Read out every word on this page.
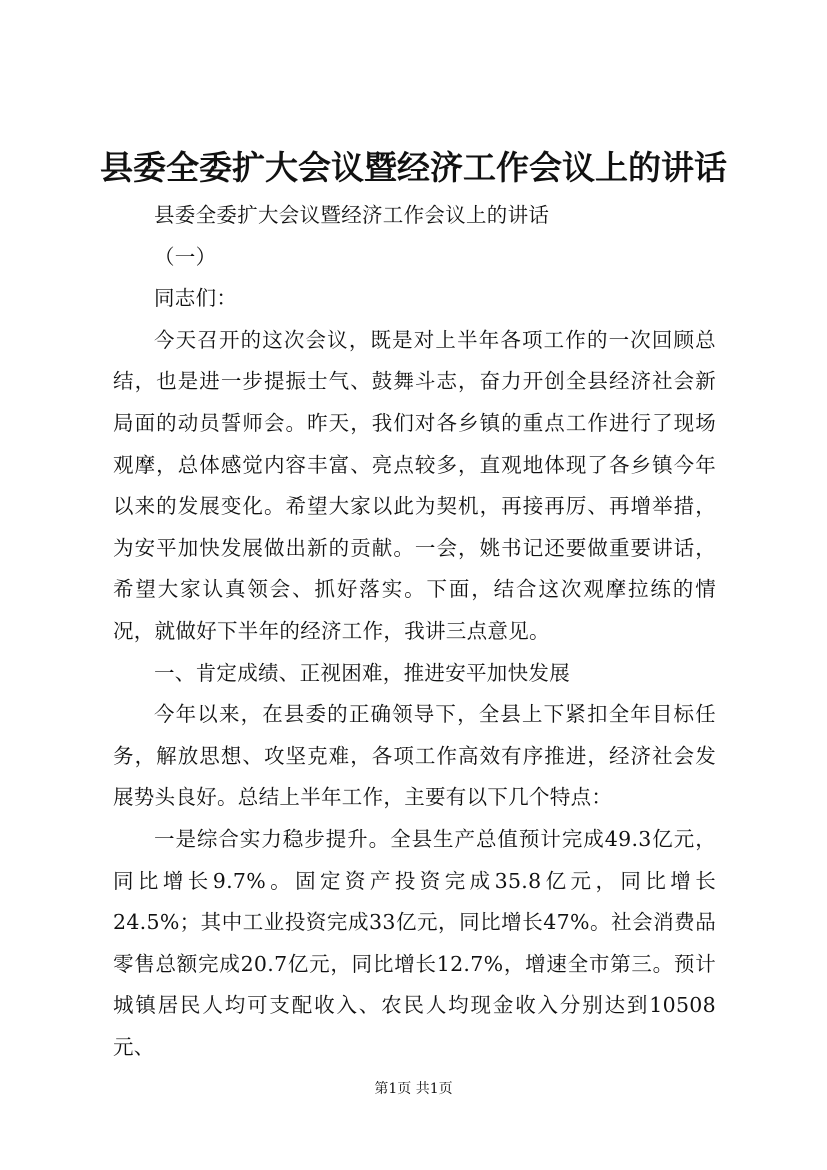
县委全委扩大会议暨经济工作会议上的讲话

县委全委扩大会议暨经济工作会议上的讲话

（一）

同志们：

今天召开的这次会议，既是对上半年各项工作的一次回顾总结，也是进一步提振士气、鼓舞斗志，奋力开创全县经济社会新局面的动员誓师会。昨天，我们对各乡镇的重点工作进行了现场观摩，总体感觉内容丰富、亮点较多，直观地体现了各乡镇今年以来的发展变化。希望大家以此为契机，再接再厉、再增举措，为安平加快发展做出新的贡献。一会，姚书记还要做重要讲话，希望大家认真领会、抓好落实。下面，结合这次观摩拉练的情况，就做好下半年的经济工作，我讲三点意见。

一、肯定成绩、正视困难，推进安平加快发展

今年以来，在县委的正确领导下，全县上下紧扣全年目标任务，解放思想、攻坚克难，各项工作高效有序推进，经济社会发展势头良好。总结上半年工作，主要有以下几个特点：

一是综合实力稳步提升。全县生产总值预计完成49.3亿元，同比增长9.7%。固定资产投资完成35.8亿元，同比增长24.5%；其中工业投资完成33亿元，同比增长47%。社会消费品零售总额完成20.7亿元，同比增长12.7%，增速全市第三。预计城镇居民人均可支配收入、农民人均现金收入分别达到10508元、

第1页 共1页
